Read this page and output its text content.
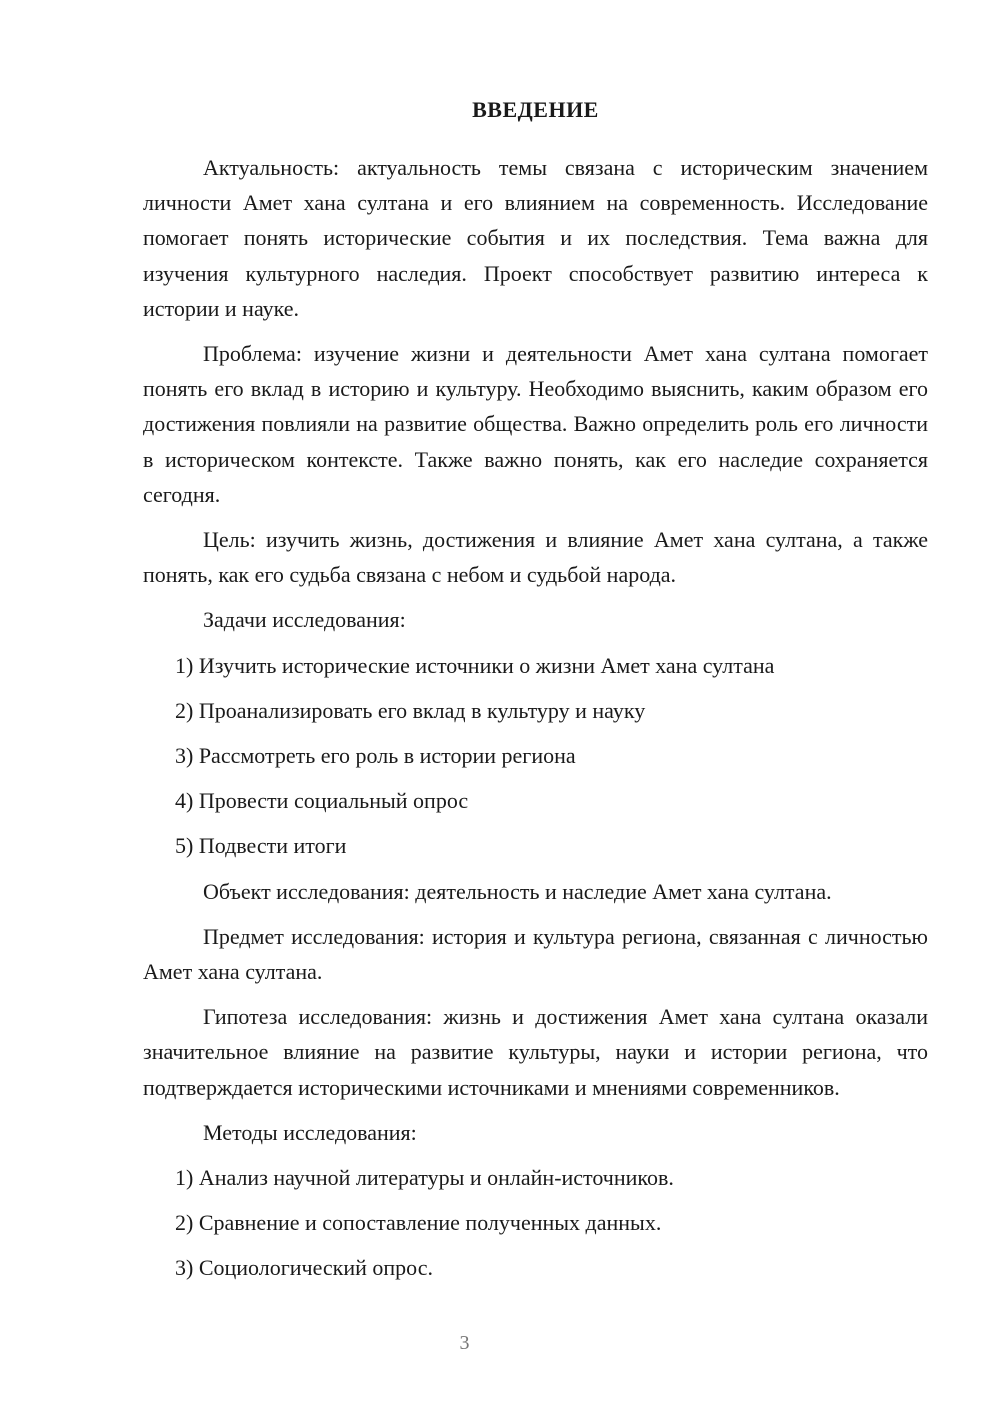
ВВЕДЕНИЕ

Актуальность: актуальность темы связана с историческим значением личности Амет хана султана и его влиянием на современность. Исследование помогает понять исторические события и их последствия. Тема важна для изучения культурного наследия. Проект способствует развитию интереса к истории и науке.

Проблема: изучение жизни и деятельности Амет хана султана помогает понять его вклад в историю и культуру. Необходимо выяснить, каким образом его достижения повлияли на развитие общества. Важно определить роль его личности в историческом контексте. Также важно понять, как его наследие сохраняется сегодня.

Цель: изучить жизнь, достижения и влияние Амет хана султана, а также понять, как его судьба связана с небом и судьбой народа.

Задачи исследования:
1) Изучить исторические источники о жизни Амет хана султана
2) Проанализировать его вклад в культуру и науку
3) Рассмотреть его роль в истории региона
4) Провести социальный опрос
5) Подвести итоги
Объект исследования: деятельность и наследие Амет хана султана.

Предмет исследования: история и культура региона, связанная с личностью Амет хана султана.

Гипотеза исследования: жизнь и достижения Амет хана султана оказали значительное влияние на развитие культуры, науки и истории региона, что подтверждается историческими источниками и мнениями современников.

Методы исследования:
1) Анализ научной литературы и онлайн-источников.
2) Сравнение и сопоставление полученных данных.
3) Социологический опрос.
3
